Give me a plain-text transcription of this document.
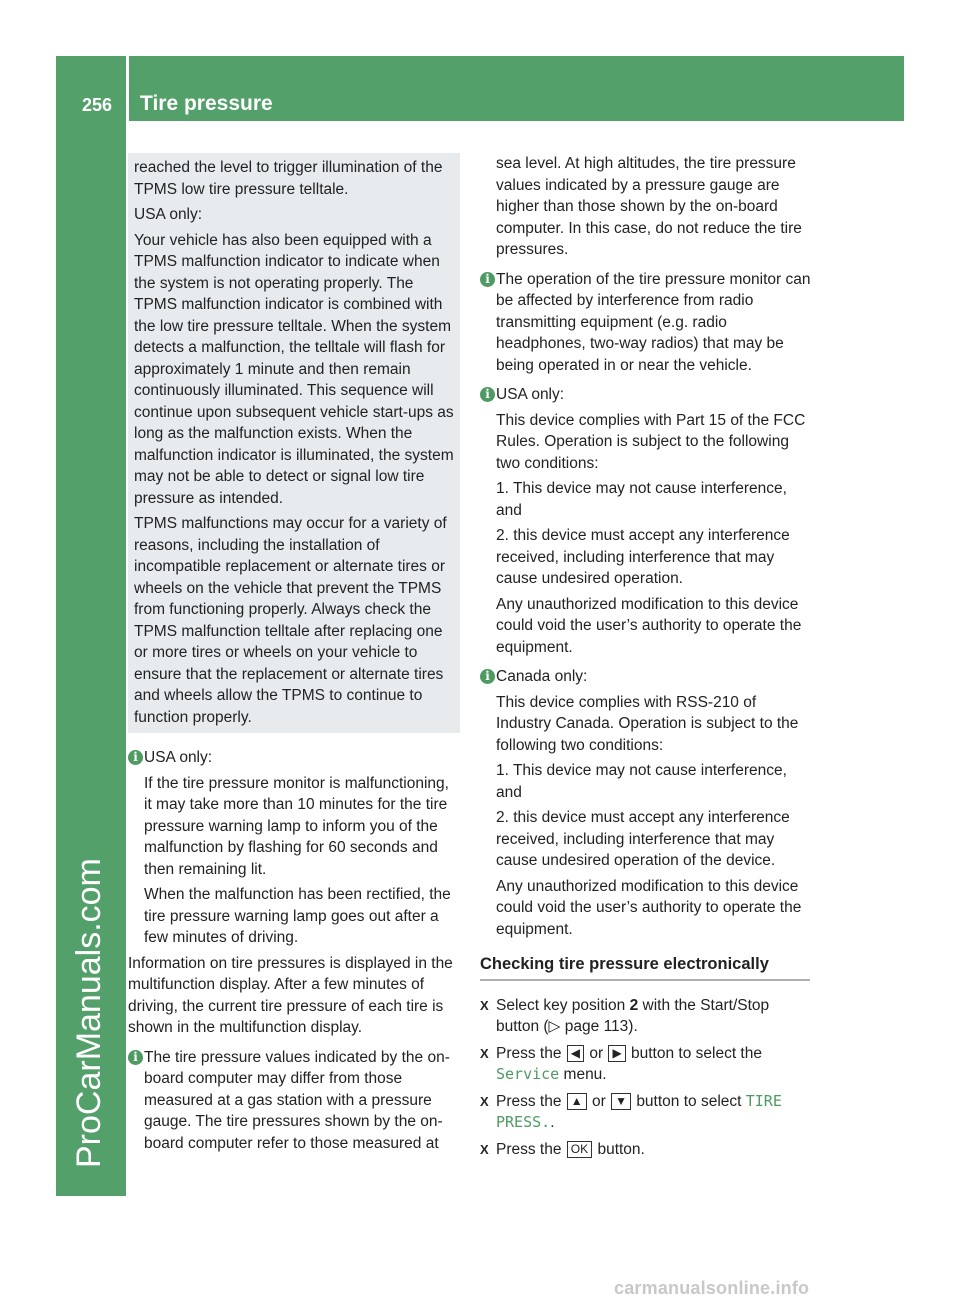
256 Tire pressure
ProCarManuals.com

reached the level to trigger illumination of the TPMS low tire pressure telltale.

USA only:

Your vehicle has also been equipped with a TPMS malfunction indicator to indicate when the system is not operating properly. The TPMS malfunction indicator is combined with the low tire pressure telltale. When the system detects a malfunction, the telltale will flash for approximately 1 minute and then remain continuously illuminated. This sequence will continue upon subsequent vehicle start-ups as long as the malfunction exists. When the malfunction indicator is illuminated, the system may not be able to detect or signal low tire pressure as intended.

TPMS malfunctions may occur for a variety of reasons, including the installation of incompatible replacement or alternate tires or wheels on the vehicle that prevent the TPMS from functioning properly. Always check the TPMS malfunction telltale after replacing one or more tires or wheels on your vehicle to ensure that the replacement or alternate tires and wheels allow the TPMS to continue to function properly.

i USA only:

If the tire pressure monitor is malfunctioning, it may take more than 10 minutes for the tire pressure warning lamp to inform you of the malfunction by flashing for 60 seconds and then remaining lit.

When the malfunction has been rectified, the tire pressure warning lamp goes out after a few minutes of driving.

Information on tire pressures is displayed in the multifunction display. After a few minutes of driving, the current tire pressure of each tire is shown in the multifunction display.

i The tire pressure values indicated by the on-board computer may differ from those measured at a gas station with a pressure gauge. The tire pressures shown by the on-board computer refer to those measured at

sea level. At high altitudes, the tire pressure values indicated by a pressure gauge are higher than those shown by the on-board computer. In this case, do not reduce the tire pressures.

i The operation of the tire pressure monitor can be affected by interference from radio transmitting equipment (e.g. radio headphones, two-way radios) that may be being operated in or near the vehicle.

i USA only:

This device complies with Part 15 of the FCC Rules. Operation is subject to the following two conditions:

1. This device may not cause interference, and

2. this device must accept any interference received, including interference that may cause undesired operation.

Any unauthorized modification to this device could void the user’s authority to operate the equipment.

i Canada only:

This device complies with RSS-210 of Industry Canada. Operation is subject to the following two conditions:

1. This device may not cause interference, and

2. this device must accept any interference received, including interference that may cause undesired operation of the device.

Any unauthorized modification to this device could void the user’s authority to operate the equipment.

Checking tire pressure electronically
X Select key position 2 with the Start/Stop button (▷ page 113).
X Press the ◀ or ▶ button to select the Service menu.
X Press the ▲ or ▼ button to select TIRE PRESS..
X Press the OK button.
carmanualsonline.info
